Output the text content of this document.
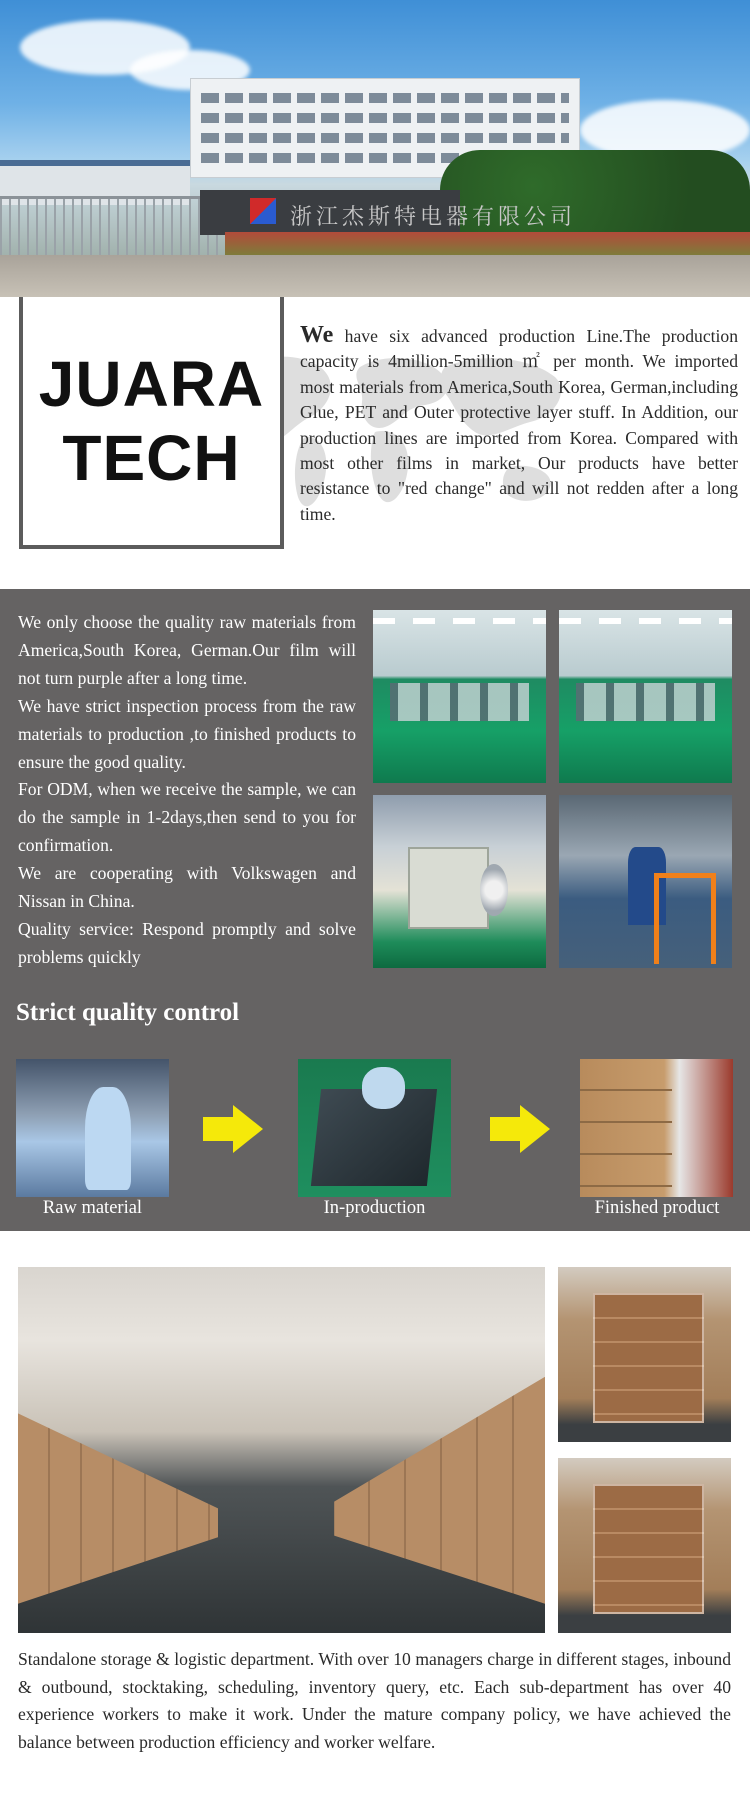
浙江杰斯特电器有限公司
JUARA
TECH

We have six advanced production Line.The production capacity is 4million-5million ㎡ per month. We imported most materials from America,South Korea, German,including Glue, PET and Outer protective layer stuff. In Addition, our production lines are imported from Korea. Compared with most other films in market, Our products have better resistance to "red change" and will not redden after a long time.

We only choose the quality raw materials from America,South Korea, German.Our film will not turn purple after a long time.

We have strict inspection process from the raw materials to production ,to finished products to ensure the good quality.

For ODM, when we receive the sample, we can do the sample in 1-2days,then send to you for confirmation.

We are cooperating with Volkswagen and Nissan in China.

Quality service: Respond promptly and solve problems quickly

Strict quality control
Raw material	In-production	Finished product

Standalone storage & logistic department. With over 10 managers charge in different stages, inbound & outbound, stocktaking, scheduling, inventory query, etc. Each sub-department has over 40 experience workers to make it work. Under the mature company policy, we have achieved the balance between production efficiency and worker welfare.
